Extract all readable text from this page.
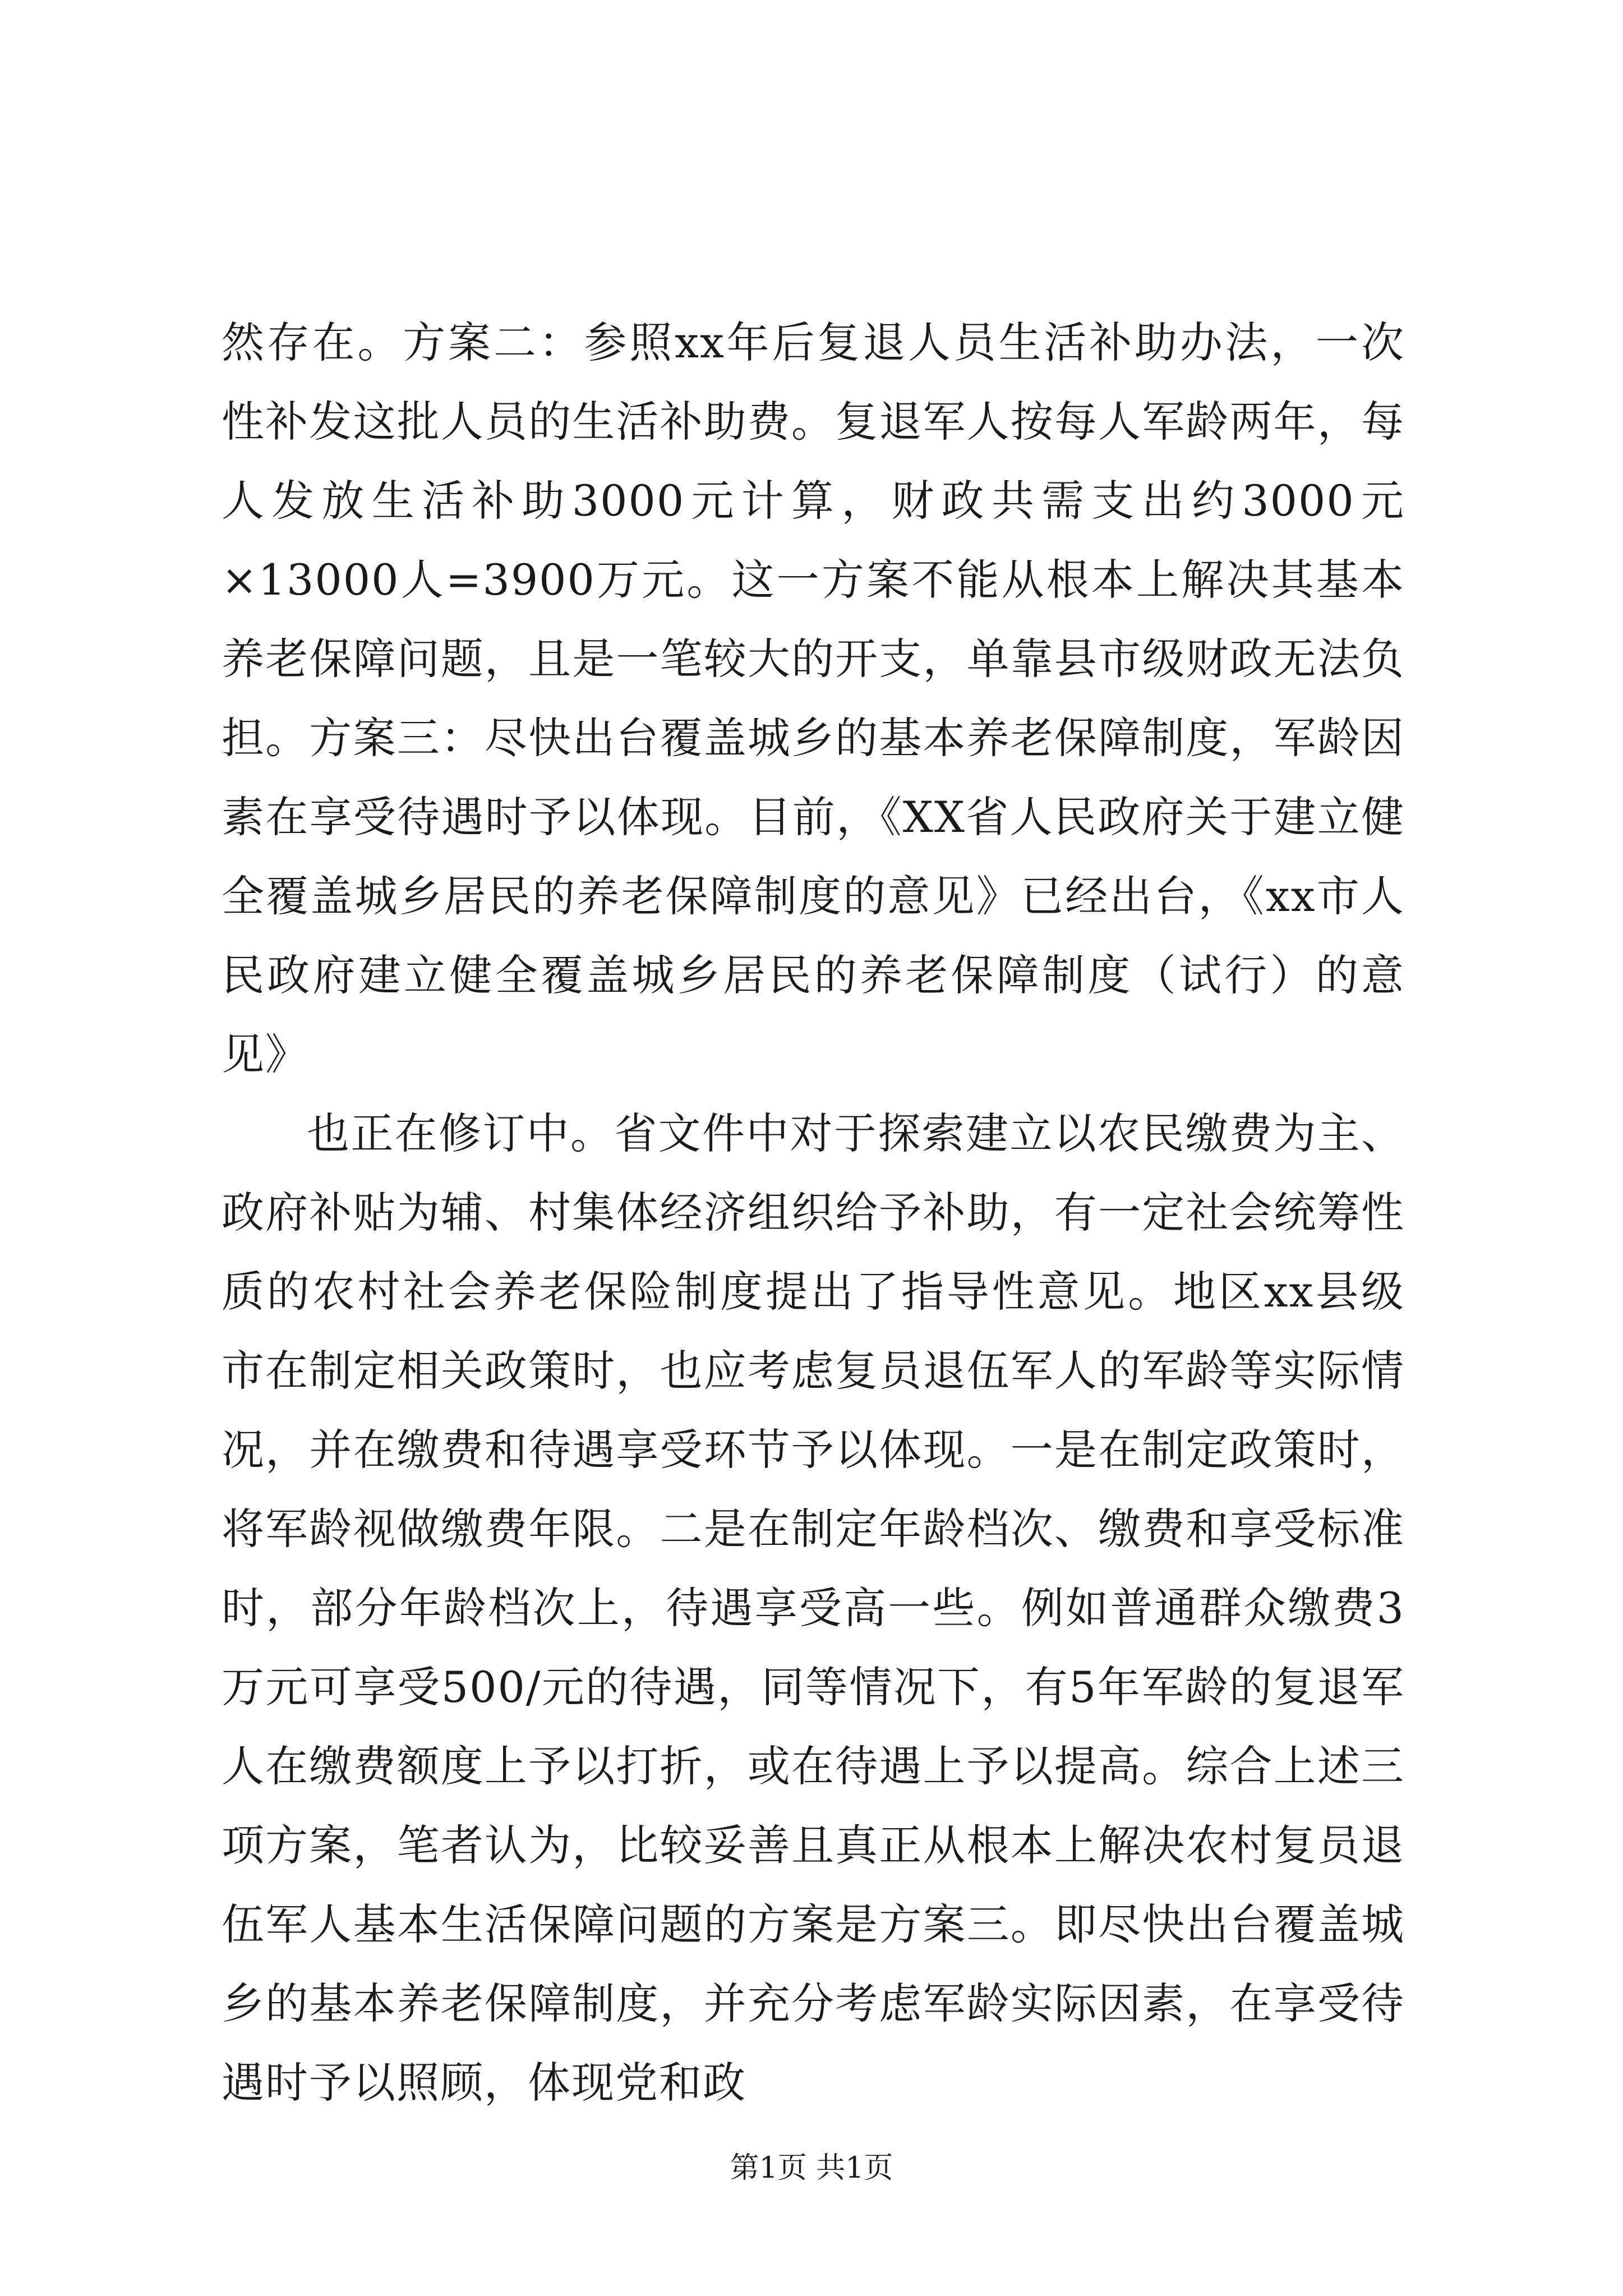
然存在。方案二：参照xx年后复退人员生活补助办法，一次性补发这批人员的生活补助费。复退军人按每人军龄两年，每人发放生活补助3000元计算，财政共需支出约3000元×13000人=3900万元。这一方案不能从根本上解决其基本养老保障问题，且是一笔较大的开支，单靠县市级财政无法负担。方案三：尽快出台覆盖城乡的基本养老保障制度，军龄因素在享受待遇时予以体现。目前，《XX省人民政府关于建立健全覆盖城乡居民的养老保障制度的意见》已经出台，《xx市人民政府建立健全覆盖城乡居民的养老保障制度（试行）的意见》

也正在修订中。省文件中对于探索建立以农民缴费为主、政府补贴为辅、村集体经济组织给予补助，有一定社会统筹性质的农村社会养老保险制度提出了指导性意见。地区xx县级市在制定相关政策时，也应考虑复员退伍军人的军龄等实际情况，并在缴费和待遇享受环节予以体现。一是在制定政策时，将军龄视做缴费年限。二是在制定年龄档次、缴费和享受标准时，部分年龄档次上，待遇享受高一些。例如普通群众缴费3万元可享受500/元的待遇，同等情况下，有5年军龄的复退军人在缴费额度上予以打折，或在待遇上予以提高。综合上述三项方案，笔者认为，比较妥善且真正从根本上解决农村复员退伍军人基本生活保障问题的方案是方案三。即尽快出台覆盖城乡的基本养老保障制度，并充分考虑军龄实际因素，在享受待遇时予以照顾，体现党和政

第1页 共1页
